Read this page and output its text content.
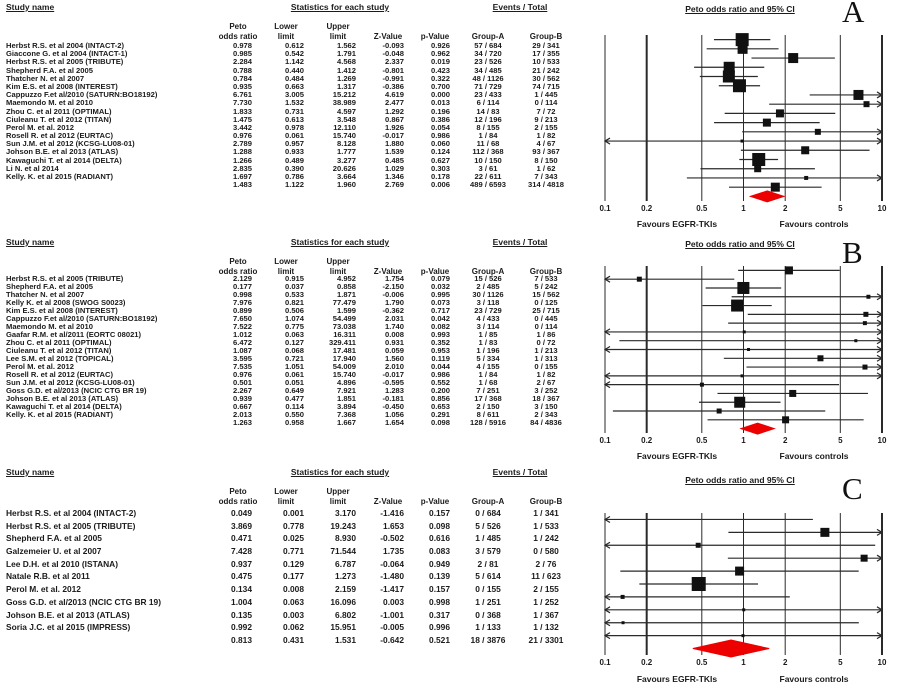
Study name	Statistics for each study	Events / Total
Peto
odds ratio
Lower
limit
Upper
limit	Z-Value	p-Value	Group-A	Group-B
Herbst R.S. et al 2004 (INTACT-2)	0.978	0.612	1.562	-0.093	0.926	57 / 684	29 / 341
Giaccone G. et al 2004 (INTACT-1)	0.985	0.542	1.791	-0.048	0.962	34 / 720	17 / 355
Herbst R.S. et al 2005 (TRIBUTE)	2.284	1.142	4.568	2.337	0.019	23 / 526	10 / 533
Shepherd F.A. et al 2005	0.788	0.440	1.412	-0.801	0.423	34 / 485	21 / 242
Thatcher N. et al 2007	0.784	0.484	1.269	-0.991	0.322	48 / 1126	30 / 562
Kim E.S. et al 2008 (INTEREST)	0.935	0.663	1.317	-0.386	0.700	71 / 729	74 / 715
Cappuzzo F.et al/2010 (SATURN:BO18192)	6.761	3.005	15.212	4.619	0.000	23 / 433	1 / 445
Maemondo M. et al 2010	7.730	1.532	38.989	2.477	0.013	6 / 114	0 / 114
Zhou C. et al 2011 (OPTIMAL)	1.833	0.731	4.597	1.292	0.196	14 / 83	7 / 72
Ciuleanu T. et al 2012 (TITAN)	1.475	0.613	3.548	0.867	0.386	12 / 196	9 / 213
Perol M. et al. 2012	3.442	0.978	12.110	1.926	0.054	8 / 155	2 / 155
Rosell R. et al 2012 (EURTAC)	0.976	0.061	15.740	-0.017	0.986	1 / 84	1 / 82
Sun J.M. et al 2012 (KCSG-LU08-01)	2.789	0.957	8.128	1.880	0.060	11 / 68	4 / 67
Johson B.E. et al 2013 (ATLAS)	1.288	0.933	1.777	1.539	0.124	112 / 368	93 / 367
Kawaguchi T. et al 2014 (DELTA)	1.266	0.489	3.277	0.485	0.627	10 / 150	8 / 150
Li N. et al 2014	2.835	0.390	20.626	1.029	0.303	3 / 61	1 / 62
Kelly. K. et al 2015 (RADIANT)	1.697	0.786	3.664	1.346	0.178	22 / 611	7 / 343
1.483	1.122	1.960	2.769	0.006	489 / 6593	314 / 4818
Peto odds ratio and 95% CI	A
0.1	0.2	0.5	1	2	5	10
Favours EGFR-TKIs	Favours controls
Study name	Statistics for each study	Events / Total
Peto
odds ratio
Lower
limit
Upper
limit	Z-Value	p-Value	Group-A	Group-B
Herbst R.S. et al 2005 (TRIBUTE)	2.129	0.915	4.952	1.754	0.079	15 / 526	7 / 533
Shepherd F.A. et al 2005	0.177	0.037	0.858	-2.150	0.032	2 / 485	5 / 242
Thatcher N. et al 2007	0.998	0.533	1.871	-0.006	0.995	30 / 1126	15 / 562
Kelly K. et al 2008 (SWOG S0023)	7.976	0.821	77.479	1.790	0.073	3 / 118	0 / 125
Kim E.S. et al 2008 (INTEREST)	0.899	0.506	1.599	-0.362	0.717	23 / 729	25 / 715
Cappuzzo F.et al/2010 (SATURN:BO18192)	7.650	1.074	54.499	2.031	0.042	4 / 433	0 / 445
Maemondo M. et al 2010	7.522	0.775	73.038	1.740	0.082	3 / 114	0 / 114
Gaafar R.M. et al/2011 (EORTC 08021)	1.012	0.063	16.311	0.008	0.993	1 / 85	1 / 86
Zhou C. et al 2011 (OPTIMAL)	6.472	0.127	329.411	0.931	0.352	1 / 83	0 / 72
Ciuleanu T. et al 2012 (TITAN)	1.087	0.068	17.481	0.059	0.953	1 / 196	1 / 213
Lee S.M. et al 2012 (TOPICAL)	3.595	0.721	17.940	1.560	0.119	5 / 334	1 / 313
Perol M. et al. 2012	7.535	1.051	54.009	2.010	0.044	4 / 155	0 / 155
Rosell R. et al 2012 (EURTAC)	0.976	0.061	15.740	-0.017	0.986	1 / 84	1 / 82
Sun J.M. et al 2012 (KCSG-LU08-01)	0.501	0.051	4.896	-0.595	0.552	1 / 68	2 / 67
Goss G.D. et al/2013 (NCIC CTG BR 19)	2.267	0.649	7.921	1.283	0.200	7 / 251	3 / 252
Johson B.E. et al 2013 (ATLAS)	0.939	0.477	1.851	-0.181	0.856	17 / 368	18 / 367
Kawaguchi T. et al 2014 (DELTA)	0.667	0.114	3.894	-0.450	0.653	2 / 150	3 / 150
Kelly. K. et al 2015 (RADIANT)	2.013	0.550	7.368	1.056	0.291	8 / 611	2 / 343
1.263	0.958	1.667	1.654	0.098	128 / 5916	84 / 4836
Peto odds ratio and 95% CI	B
0.1	0.2	0.5	1	2	5	10
Favours EGFR-TKIs	Favours controls
Study name	Statistics for each study	Events / Total
Peto
odds ratio
Lower
limit
Upper
limit	Z-Value	p-Value	Group-A	Group-B
Herbst R.S. et al 2004 (INTACT-2)	0.049	0.001	3.170	-1.416	0.157	0 / 684	1 / 341
Herbst R.S. et al 2005 (TRIBUTE)	3.869	0.778	19.243	1.653	0.098	5 / 526	1 / 533
Shepherd F.A. et al 2005	0.471	0.025	8.930	-0.502	0.616	1 / 485	1 / 242
Galzemeier U. et al 2007	7.428	0.771	71.544	1.735	0.083	3 / 579	0 / 580
Lee D.H. et al 2010 (ISTANA)	0.937	0.129	6.787	-0.064	0.949	2 / 81	2 / 76
Natale R.B. et al 2011	0.475	0.177	1.273	-1.480	0.139	5 / 614	11 / 623
Perol M. et al. 2012	0.134	0.008	2.159	-1.417	0.157	0 / 155	2 / 155
Goss G.D. et al/2013 (NCIC CTG BR 19)	1.004	0.063	16.096	0.003	0.998	1 / 251	1 / 252
Johson B.E. et al 2013 (ATLAS)	0.135	0.003	6.802	-1.001	0.317	0 / 368	1 / 367
Soria J.C. et al 2015 (IMPRESS)	0.992	0.062	15.951	-0.005	0.996	1 / 133	1 / 132
0.813	0.431	1.531	-0.642	0.521	18 / 3876	21 / 3301
Peto odds ratio and 95% CI	C
0.1	0.2	0.5	1	2	5	10
Favours EGFR-TKIs	Favours controls
